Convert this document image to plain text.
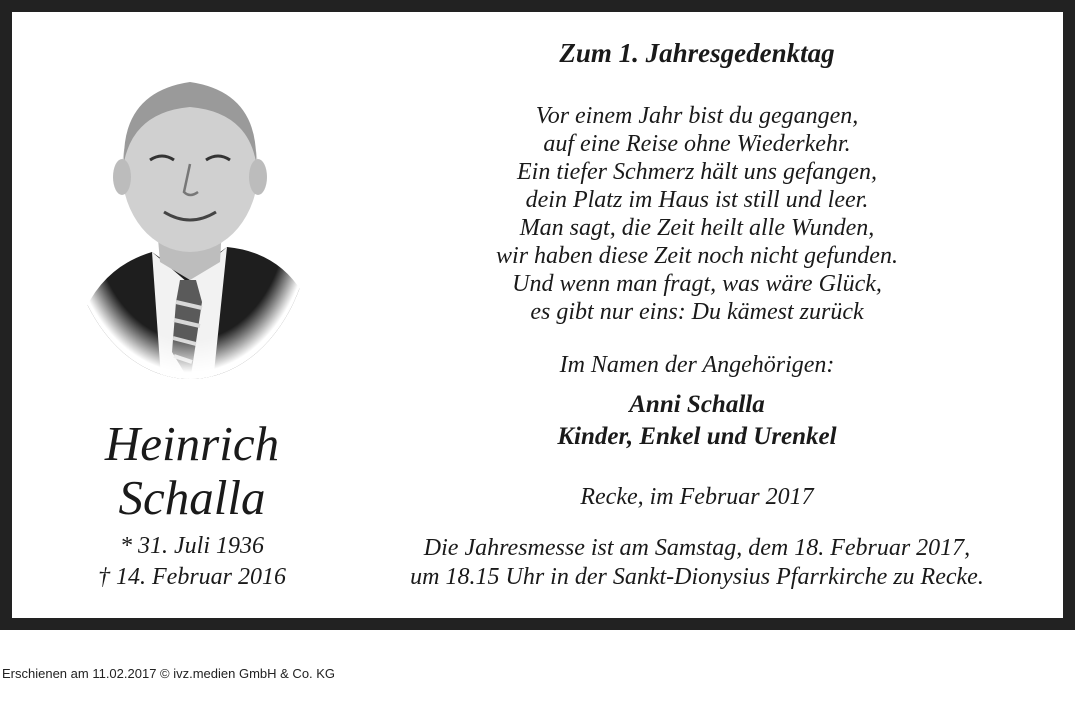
Heinrich
Schalla
* 31. Juli 1936
† 14. Februar 2016
Zum 1. Jahresgedenktag
Vor einem Jahr bist du gegangen,
auf eine Reise ohne Wiederkehr.
Ein tiefer Schmerz hält uns gefangen,
dein Platz im Haus ist still und leer.
Man sagt, die Zeit heilt alle Wunden,
wir haben diese Zeit noch nicht gefunden.
Und wenn man fragt, was wäre Glück,
es gibt nur eins: Du kämest zurück
Im Namen der Angehörigen:
Anni Schalla
Kinder, Enkel und Urenkel
Recke, im Februar 2017
Die Jahresmesse ist am Samstag, dem 18. Februar 2017,
um 18.15 Uhr in der Sankt-Dionysius Pfarrkirche zu Recke.
Erschienen am 11.02.2017 © ivz.medien GmbH & Co. KG
